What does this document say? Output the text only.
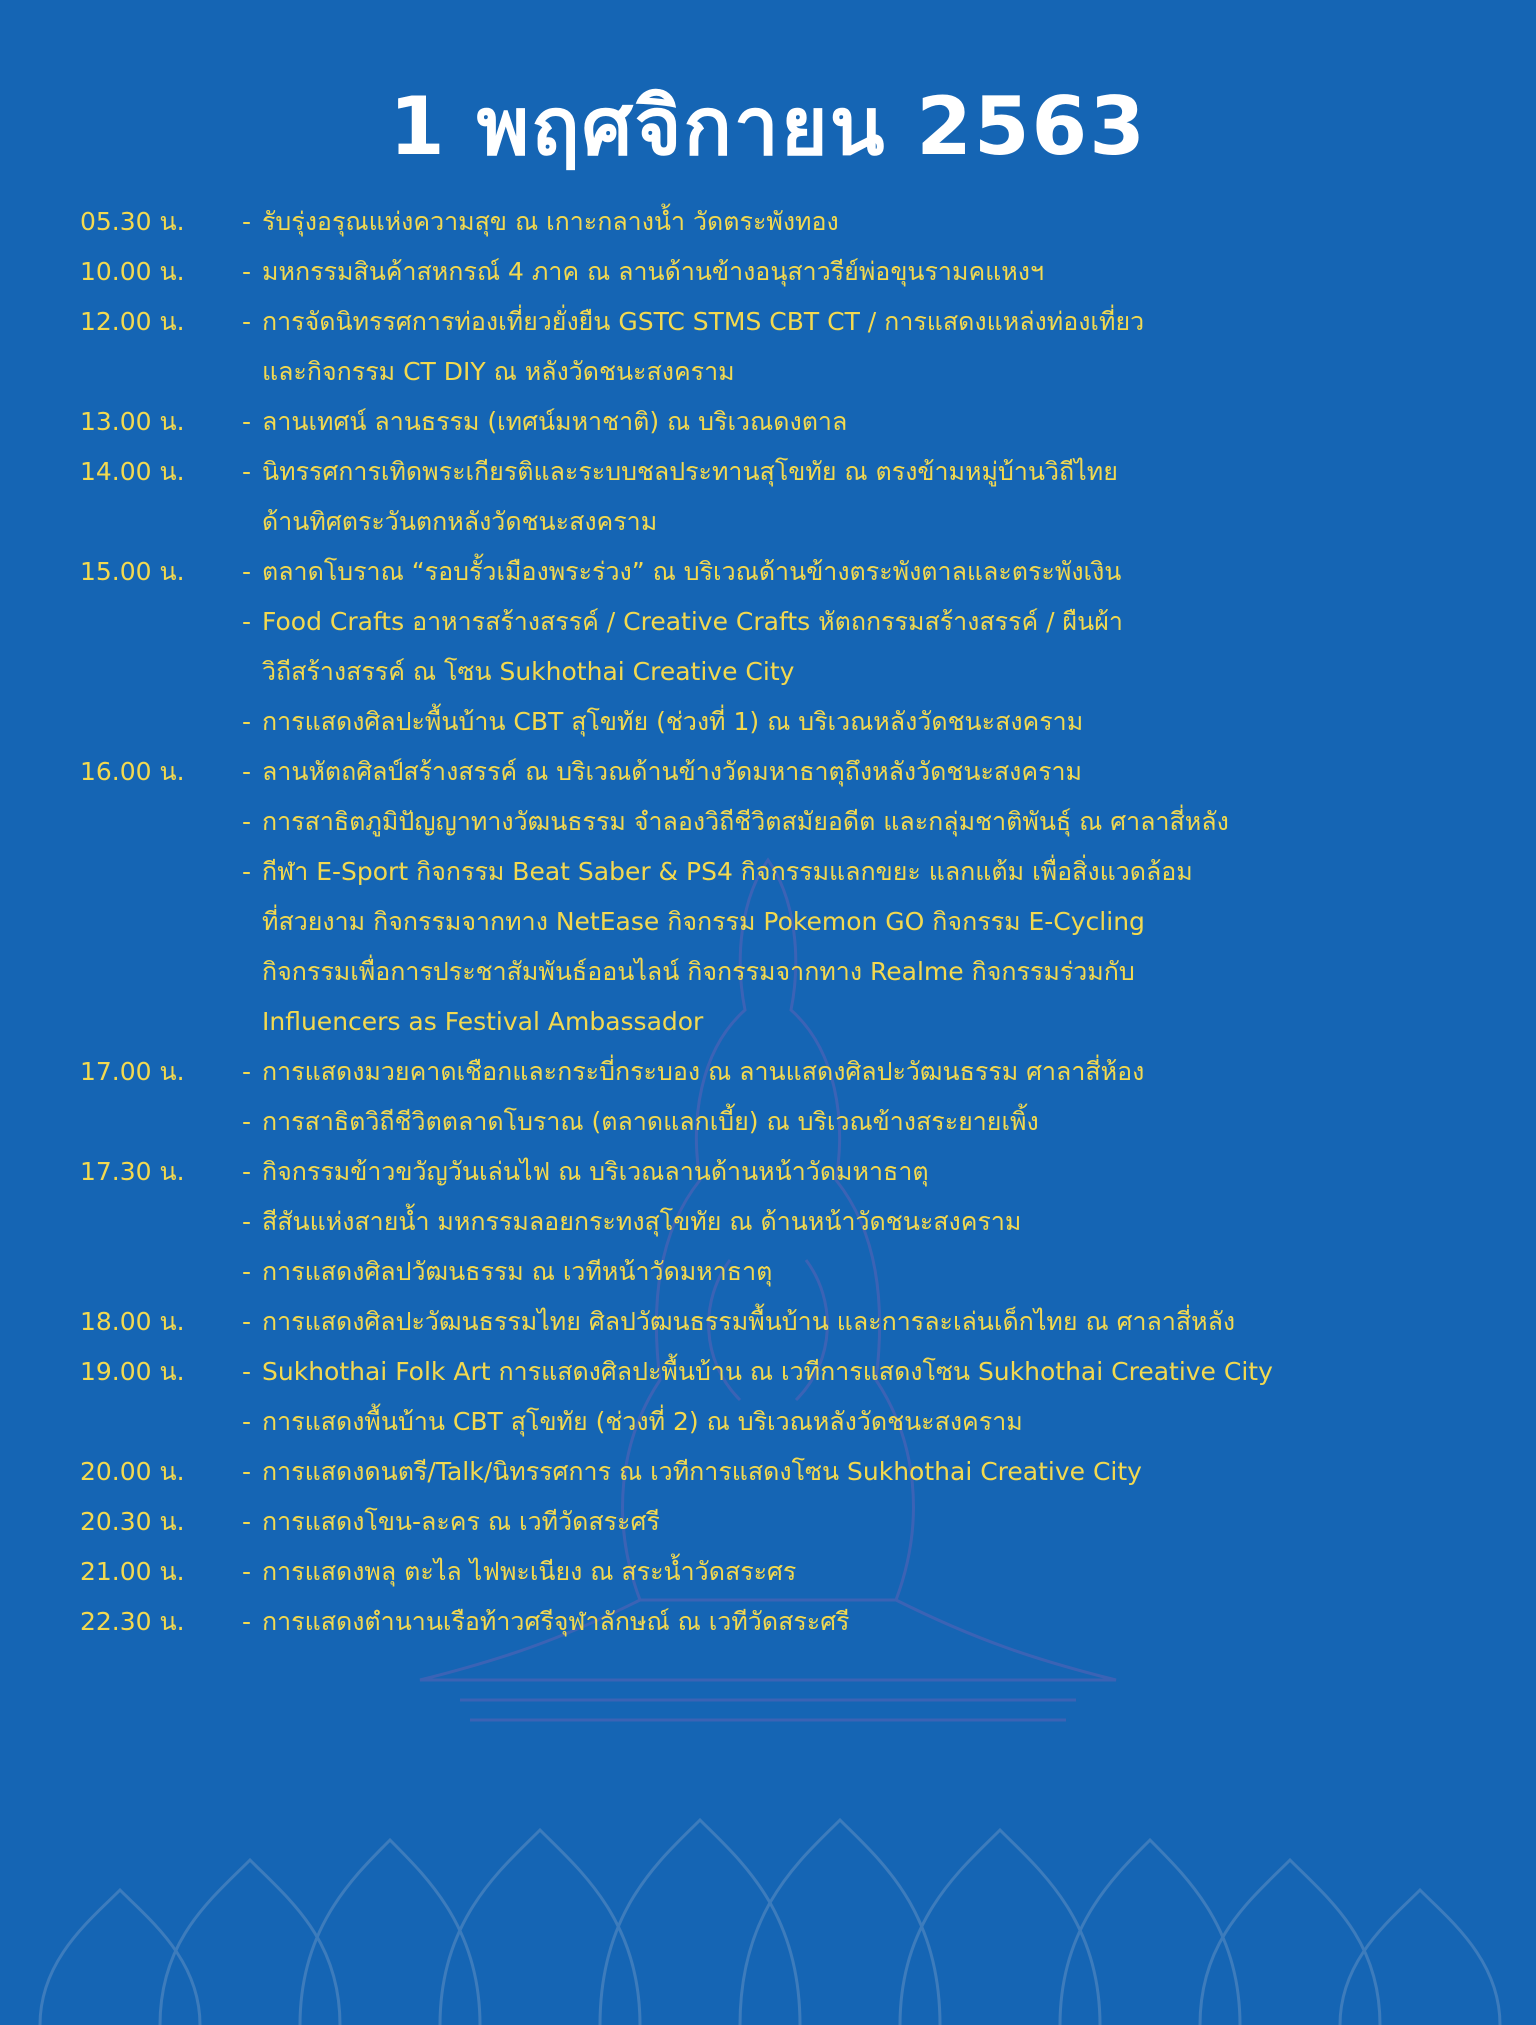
1 พฤศจิกายน 2563
05.30 น. - รับรุ่งอรุณแห่งความสุข ณ เกาะกลางน้ำ วัดตระพังทอง
10.00 น. - มหกรรมสินค้าสหกรณ์ 4 ภาค ณ ลานด้านข้างอนุสาวรีย์พ่อขุนรามคแหงฯ
12.00 น. - การจัดนิทรรศการท่องเที่ยวยั่งยืน GSTC STMS CBT CT / การแสดงแหล่งท่องเที่ยว
และกิจกรรม CT DIY ณ หลังวัดชนะสงคราม
13.00 น. - ลานเทศน์ ลานธรรม (เทศน์มหาชาติ) ณ บริเวณดงตาล
14.00 น. - นิทรรศการเทิดพระเกียรติและระบบชลประทานสุโขทัย ณ ตรงข้ามหมู่บ้านวิถีไทย
ด้านทิศตระวันตกหลังวัดชนะสงคราม
15.00 น. - ตลาดโบราณ “รอบรั้วเมืองพระร่วง” ณ บริเวณด้านข้างตระพังตาลและตระพังเงิน
- Food Crafts อาหารสร้างสรรค์ / Creative Crafts หัตถกรรมสร้างสรรค์ / ผืนผ้า
วิถีสร้างสรรค์ ณ โซน Sukhothai Creative City
- การแสดงศิลปะพื้นบ้าน CBT สุโขทัย (ช่วงที่ 1) ณ บริเวณหลังวัดชนะสงคราม
16.00 น. - ลานหัตถศิลป์สร้างสรรค์ ณ บริเวณด้านข้างวัดมหาธาตุถึงหลังวัดชนะสงคราม
- การสาธิตภูมิปัญญาทางวัฒนธรรม จำลองวิถีชีวิตสมัยอดีต และกลุ่มชาติพันธุ์ ณ ศาลาสี่หลัง
- กีฬา E-Sport กิจกรรม Beat Saber & PS4 กิจกรรมแลกขยะ แลกแต้ม เพื่อสิ่งแวดล้อม
ที่สวยงาม กิจกรรมจากทาง NetEase กิจกรรม Pokemon GO กิจกรรม E-Cycling
กิจกรรมเพื่อการประชาสัมพันธ์ออนไลน์ กิจกรรมจากทาง Realme กิจกรรมร่วมกับ
Influencers as Festival Ambassador
17.00 น. - การแสดงมวยคาดเชือกและกระบี่กระบอง ณ ลานแสดงศิลปะวัฒนธรรม ศาลาสี่ห้อง
- การสาธิตวิถีชีวิตตลาดโบราณ (ตลาดแลกเบี้ย) ณ บริเวณข้างสระยายเพิ้ง
17.30 น. - กิจกรรมข้าวขวัญวันเล่นไฟ ณ บริเวณลานด้านหน้าวัดมหาธาตุ
- สีสันแห่งสายน้ำ มหกรรมลอยกระทงสุโขทัย ณ ด้านหน้าวัดชนะสงคราม
- การแสดงศิลปวัฒนธรรม ณ เวทีหน้าวัดมหาธาตุ
18.00 น. - การแสดงศิลปะวัฒนธรรมไทย ศิลปวัฒนธรรมพื้นบ้าน และการละเล่นเด็กไทย ณ ศาลาสี่หลัง
19.00 น. - Sukhothai Folk Art การแสดงศิลปะพื้นบ้าน ณ เวทีการแสดงโซน Sukhothai Creative City
- การแสดงพื้นบ้าน CBT สุโขทัย (ช่วงที่ 2) ณ บริเวณหลังวัดชนะสงคราม
20.00 น. - การแสดงดนตรี/Talk/นิทรรศการ ณ เวทีการแสดงโซน Sukhothai Creative City
20.30 น. - การแสดงโขน-ละคร ณ เวทีวัดสระศรี
21.00 น. - การแสดงพลุ ตะไล ไฟพะเนียง ณ สระน้ำวัดสระศร
22.30 น. - การแสดงตำนานเรือท้าวศรีจุฬาลักษณ์ ณ เวทีวัดสระศรี
